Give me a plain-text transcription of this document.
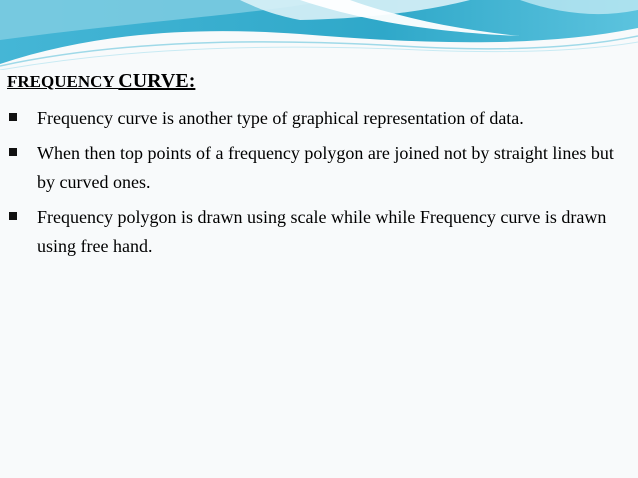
FREQUENCY CURVE:
Frequency curve is another type of graphical representation of data.
When then top points of a frequency polygon are joined not by straight lines but by curved ones.
Frequency polygon is drawn using scale while while Frequency curve is drawn using free hand.
